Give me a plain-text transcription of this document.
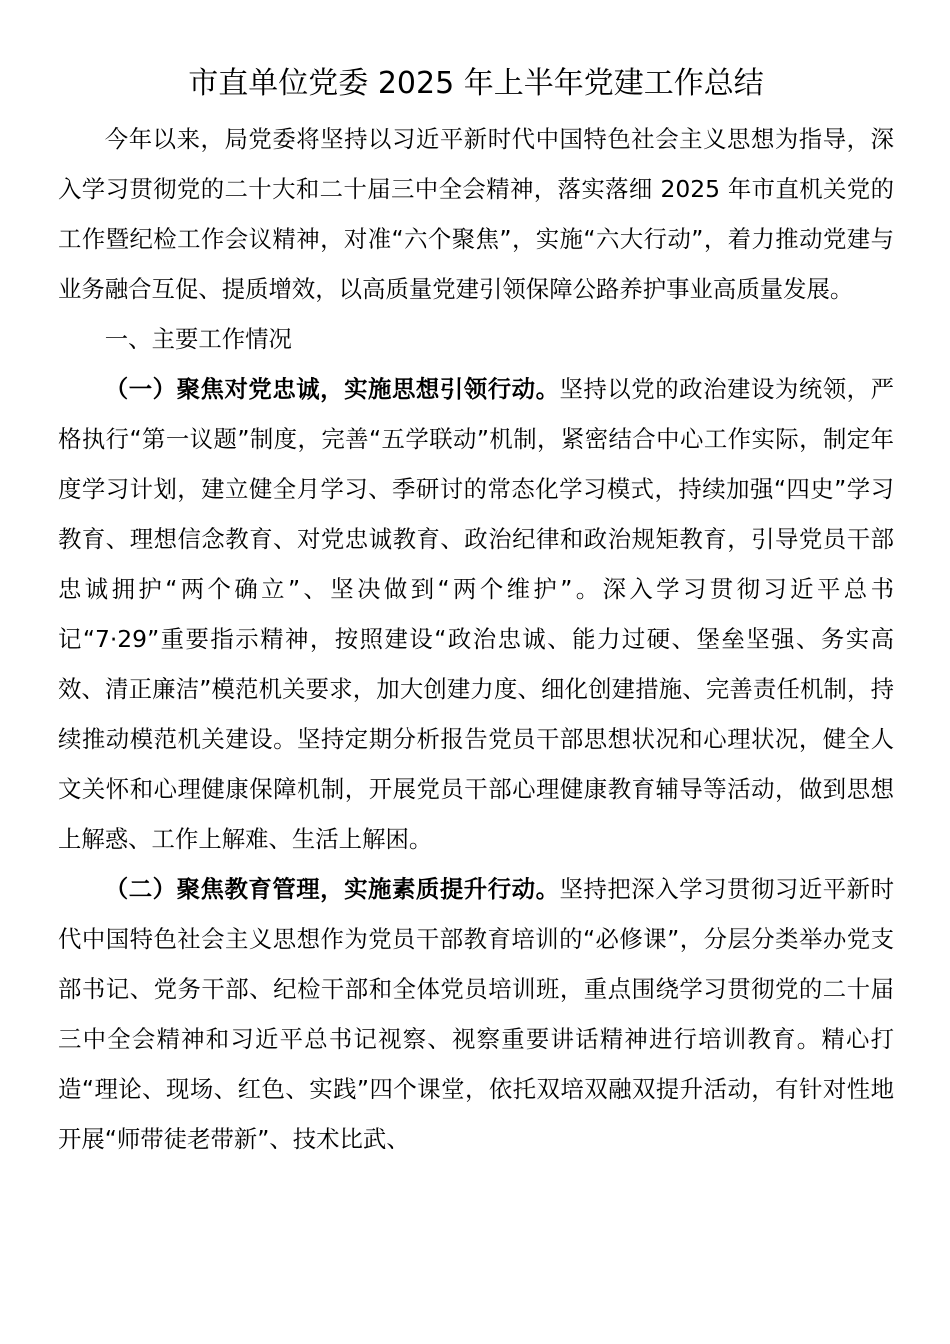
市直单位党委 2025 年上半年党建工作总结

今年以来，局党委将坚持以习近平新时代中国特色社会主义思想为指导，深入学习贯彻党的二十大和二十届三中全会精神，落实落细 2025 年市直机关党的工作暨纪检工作会议精神，对准“六个聚焦”，实施“六大行动”，着力推动党建与业务融合互促、提质增效，以高质量党建引领保障公路养护事业高质量发展。

一、主要工作情况

（一）聚焦对党忠诚，实施思想引领行动。坚持以党的政治建设为统领，严格执行“第一议题”制度，完善“五学联动”机制，紧密结合中心工作实际，制定年度学习计划，建立健全月学习、季研讨的常态化学习模式，持续加强“四史”学习教育、理想信念教育、对党忠诚教育、政治纪律和政治规矩教育，引导党员干部忠诚拥护“两个确立”、坚决做到“两个维护”。深入学习贯彻习近平总书记“7·29”重要指示精神，按照建设“政治忠诚、能力过硬、堡垒坚强、务实高效、清正廉洁”模范机关要求，加大创建力度、细化创建措施、完善责任机制，持续推动模范机关建设。坚持定期分析报告党员干部思想状况和心理状况，健全人文关怀和心理健康保障机制，开展党员干部心理健康教育辅导等活动，做到思想上解惑、工作上解难、生活上解困。

（二）聚焦教育管理，实施素质提升行动。坚持把深入学习贯彻习近平新时代中国特色社会主义思想作为党员干部教育培训的“必修课”，分层分类举办党支部书记、党务干部、纪检干部和全体党员培训班，重点围绕学习贯彻党的二十届三中全会精神和习近平总书记视察、视察重要讲话精神进行培训教育。精心打造“理论、现场、红色、实践”四个课堂，依托双培双融双提升活动，有针对性地开展“师带徒老带新”、技术比武、
